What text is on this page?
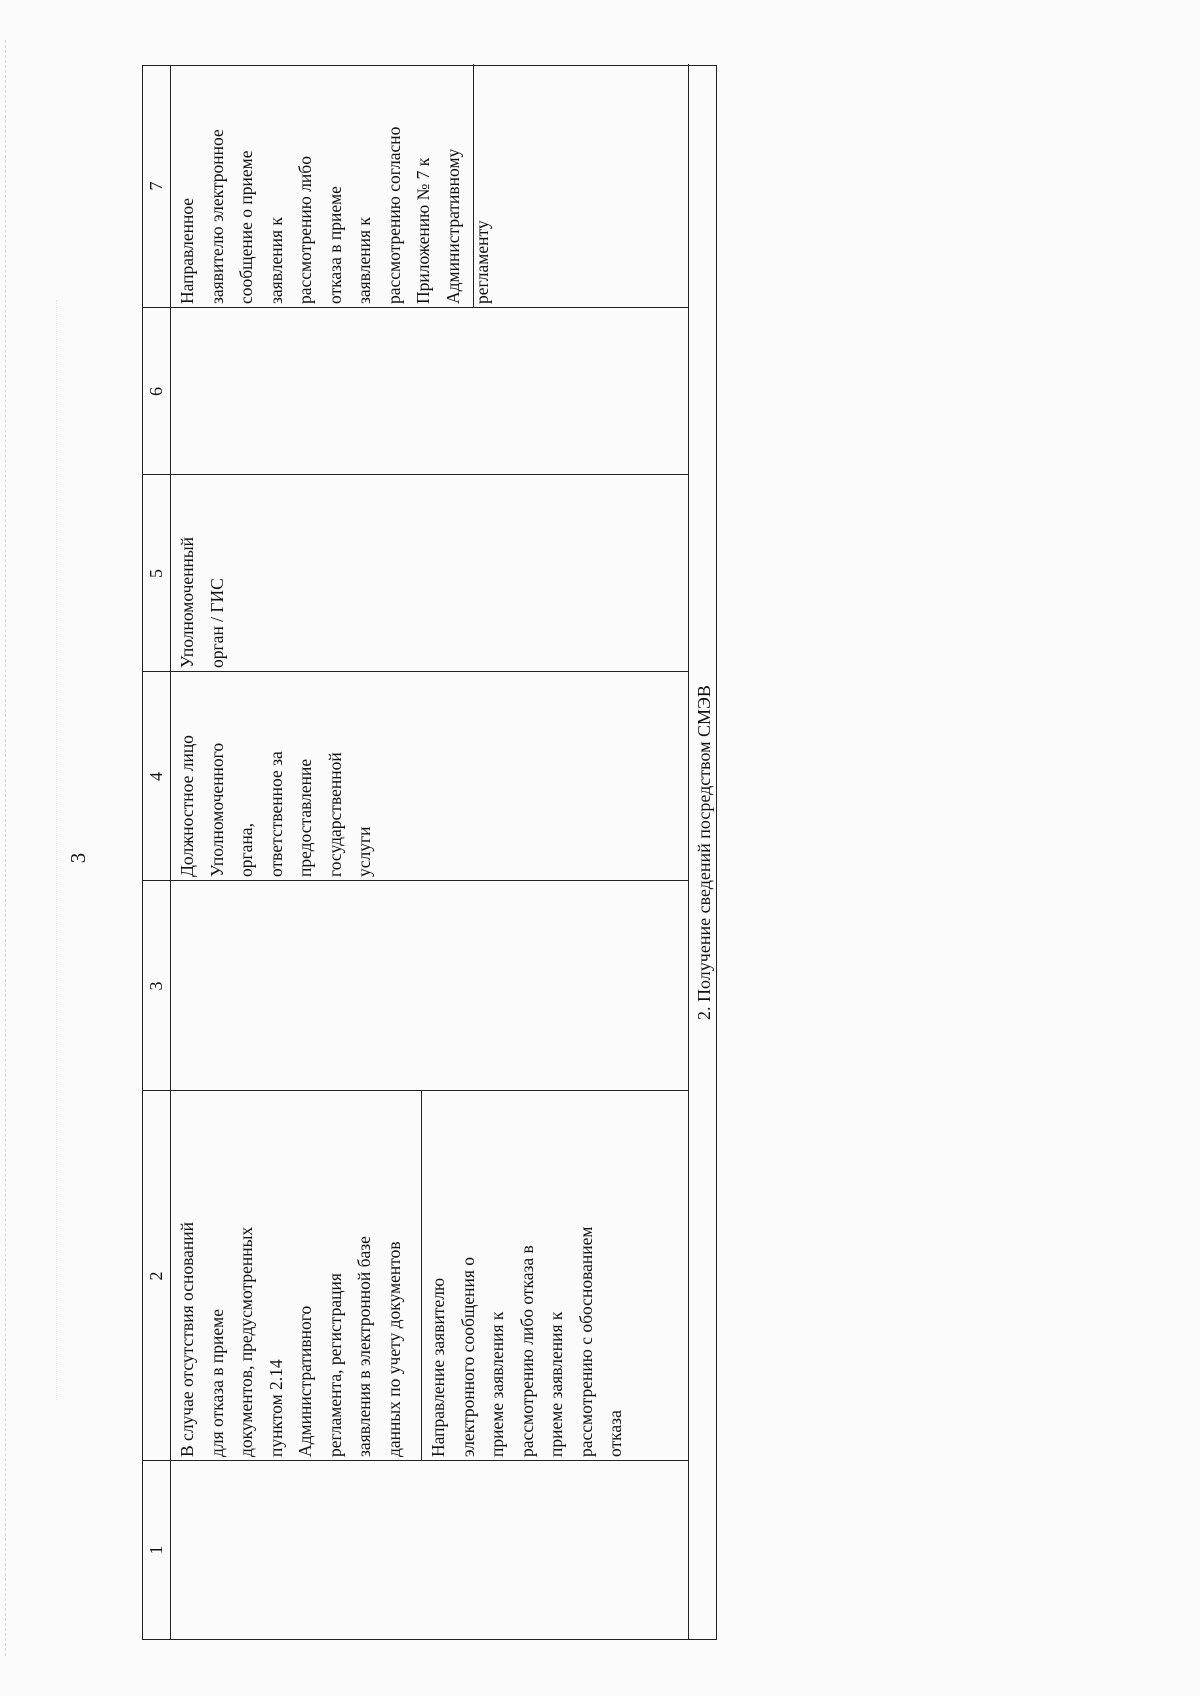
3
1
2
3
4
5
6
7
В случае отсутствия оснований
для отказа в приеме
документов, предусмотренных
пунктом 2.14
Административного
регламента, регистрация
заявления в электронной базе
данных по учету документов
Направление заявителю
электронного сообщения о
приеме заявления к
рассмотрению либо отказа в
приеме заявления к
рассмотрению с обоснованием
отказа
Должностное лицо
Уполномоченного
органа,
ответственное за
предоставление
государственной
услуги
Уполномоченный
орган / ГИС
Направленное
заявителю электронное
сообщение о приеме
заявления к
рассмотрению либо
отказа в приеме
заявления к
рассмотрению согласно
Приложению № 7 к
Административному
регламенту
2. Получение сведений посредством СМЭВ
